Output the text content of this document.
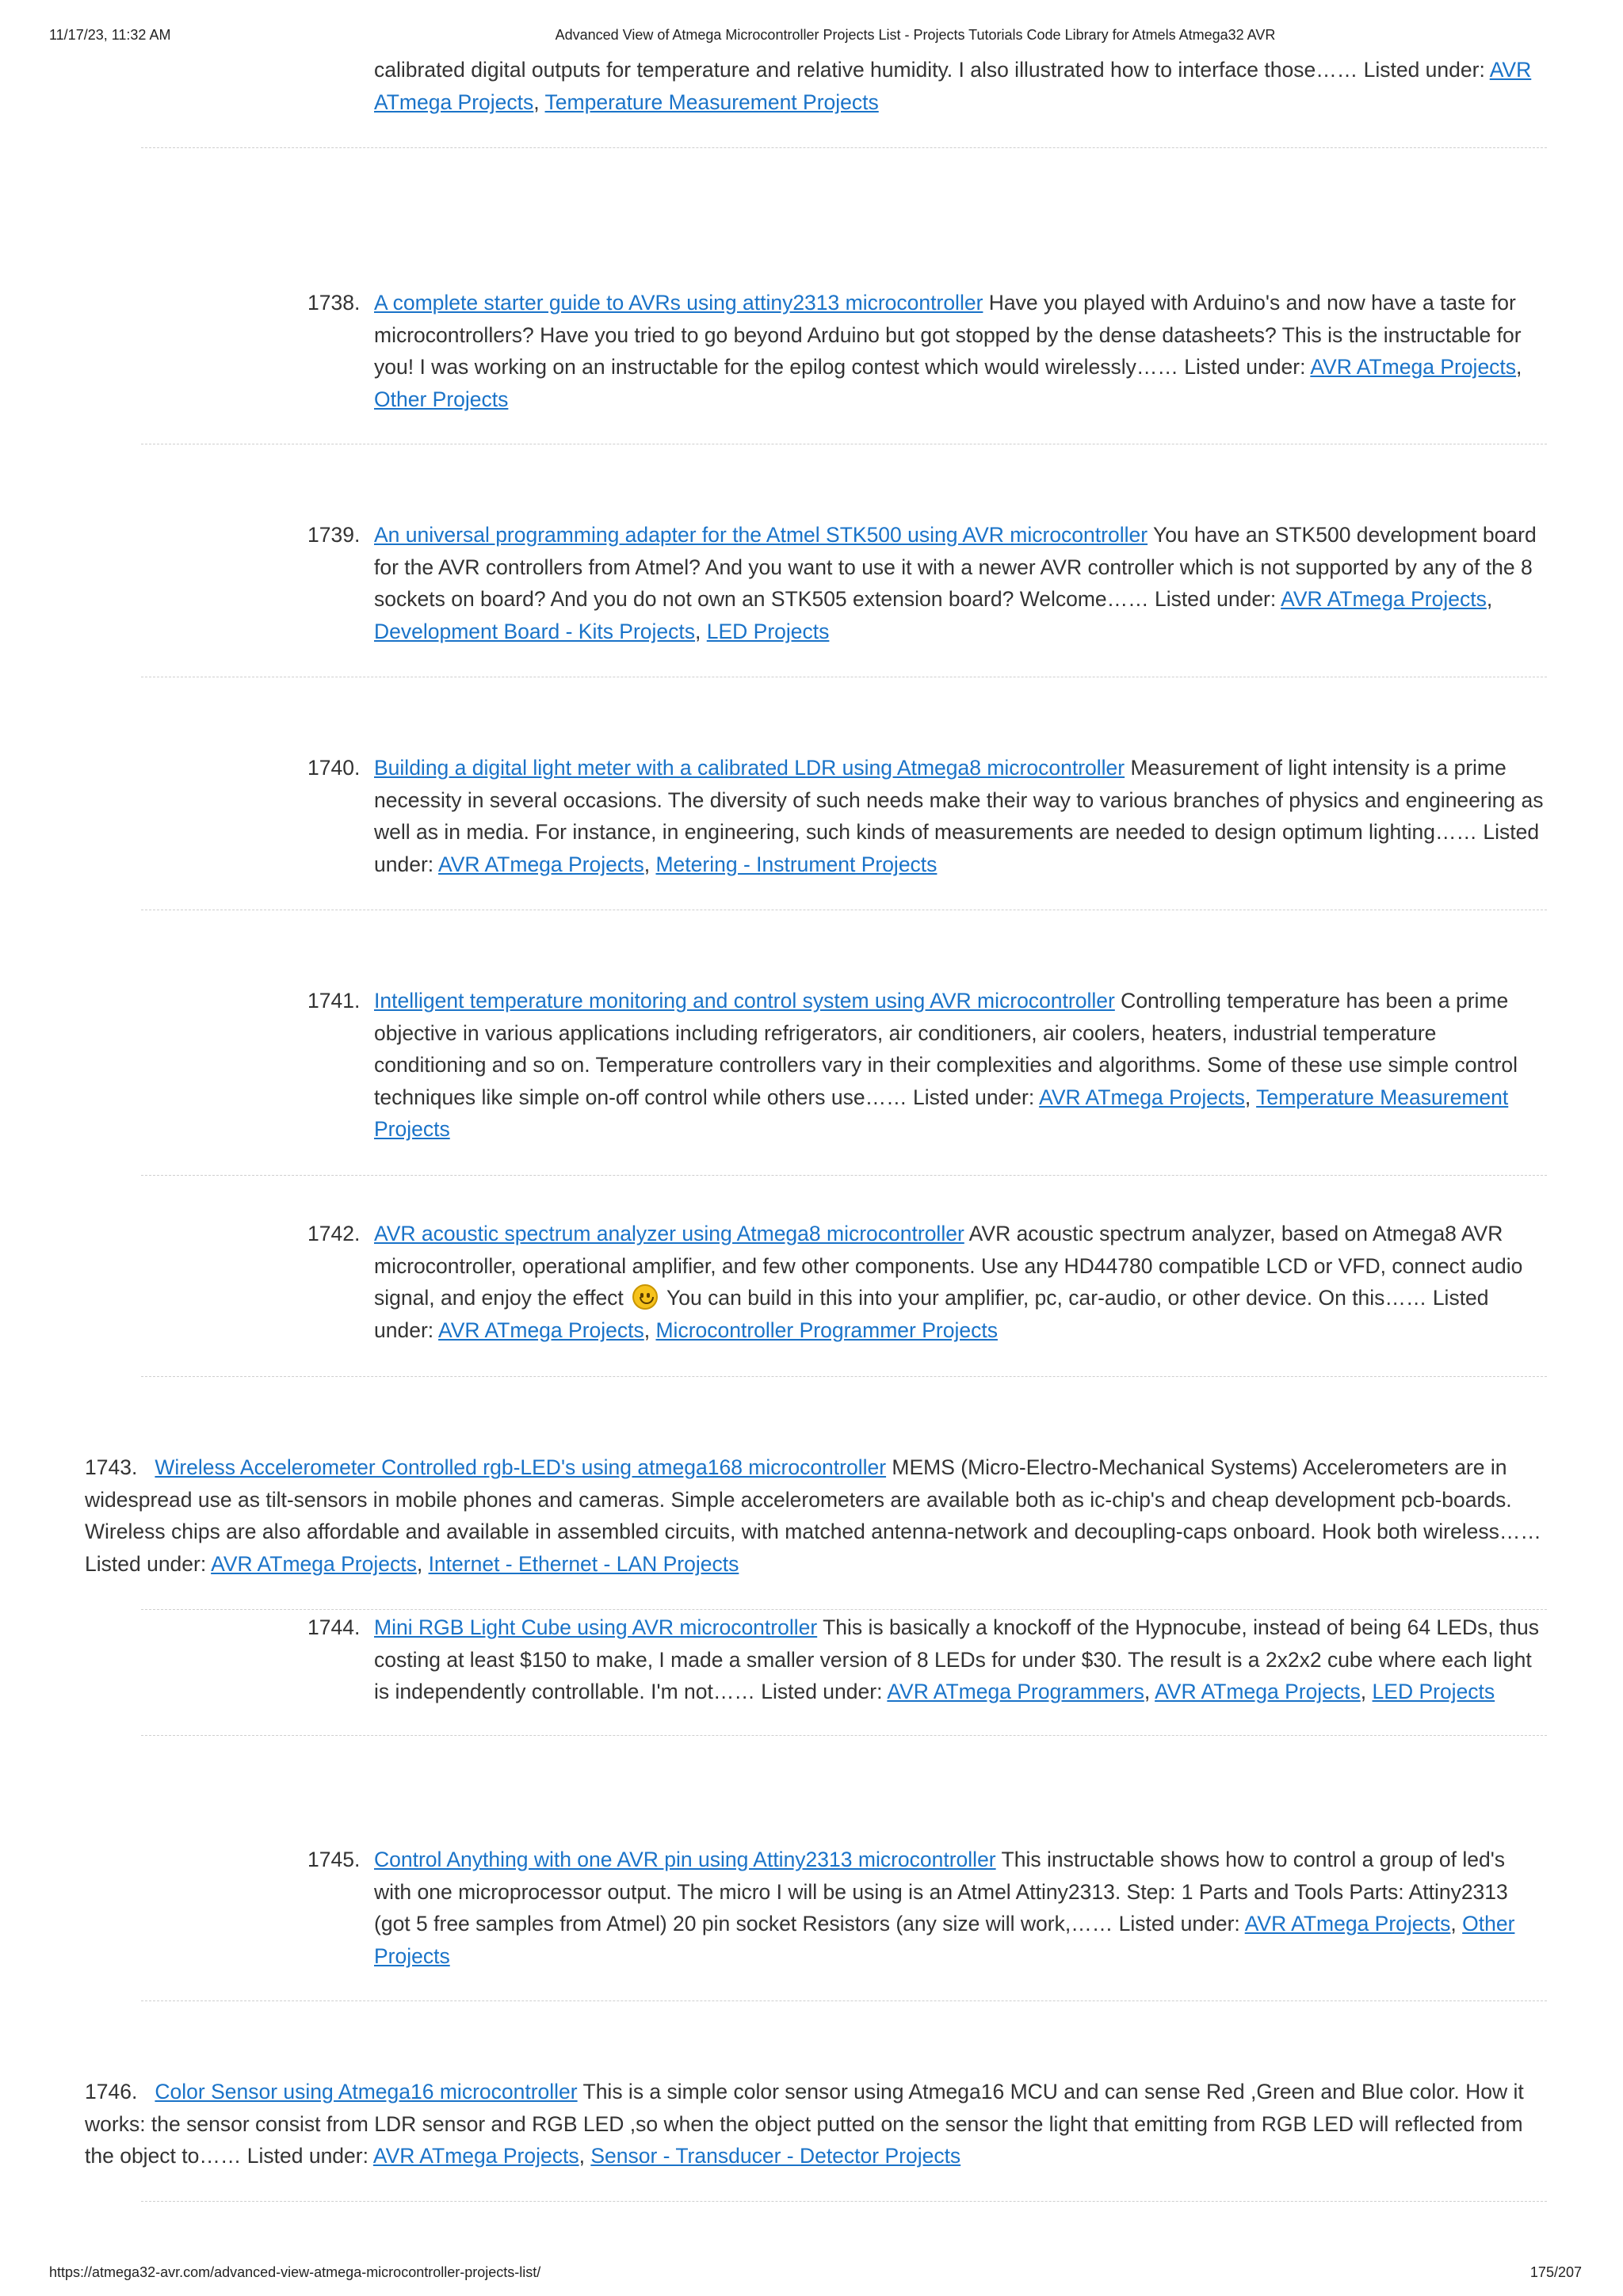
11/17/23, 11:32 AM	Advanced View of Atmega Microcontroller Projects List - Projects Tutorials Code Library for Atmels Atmega32 AVR
calibrated digital outputs for temperature and relative humidity. I also illustrated how to interface those…… Listed under: AVR ATmega Projects, Temperature Measurement Projects
1738. A complete starter guide to AVRs using attiny2313 microcontroller Have you played with Arduino's and now have a taste for microcontrollers? Have you tried to go beyond Arduino but got stopped by the dense datasheets? This is the instructable for you! I was working on an instructable for the epilog contest which would wirelessly…… Listed under: AVR ATmega Projects, Other Projects
1739. An universal programming adapter for the Atmel STK500 using AVR microcontroller You have an STK500 development board for the AVR controllers from Atmel? And you want to use it with a newer AVR controller which is not supported by any of the 8 sockets on board? And you do not own an STK505 extension board? Welcome…… Listed under: AVR ATmega Projects, Development Board - Kits Projects, LED Projects
1740. Building a digital light meter with a calibrated LDR using Atmega8 microcontroller Measurement of light intensity is a prime necessity in several occasions. The diversity of such needs make their way to various branches of physics and engineering as well as in media. For instance, in engineering, such kinds of measurements are needed to design optimum lighting…… Listed under: AVR ATmega Projects, Metering - Instrument Projects
1741. Intelligent temperature monitoring and control system using AVR microcontroller Controlling temperature has been a prime objective in various applications including refrigerators, air conditioners, air coolers, heaters, industrial temperature conditioning and so on. Temperature controllers vary in their complexities and algorithms. Some of these use simple control techniques like simple on-off control while others use…… Listed under: AVR ATmega Projects, Temperature Measurement Projects
1742. AVR acoustic spectrum analyzer using Atmega8 microcontroller AVR acoustic spectrum analyzer, based on Atmega8 AVR microcontroller, operational amplifier, and few other components. Use any HD44780 compatible LCD or VFD, connect audio signal, and enjoy the effect
You can build in this into your amplifier, pc, car-audio, or other device. On this…… Listed under: AVR ATmega Projects, Microcontroller Programmer Projects
1743. Wireless Accelerometer Controlled rgb-LED's using atmega168 microcontroller MEMS (Micro-Electro-Mechanical Systems) Accelerometers are in widespread use as tilt-sensors in mobile phones and cameras. Simple accelerometers are available both as ic-chip's and cheap development pcb-boards. Wireless chips are also affordable and available in assembled circuits, with matched antenna-network and decoupling-caps onboard. Hook both wireless…… Listed under: AVR ATmega Projects, Internet - Ethernet - LAN Projects
1744. Mini RGB Light Cube using AVR microcontroller This is basically a knockoff of the Hypnocube, instead of being 64 LEDs, thus costing at least $150 to make, I made a smaller version of 8 LEDs for under $30. The result is a 2x2x2 cube where each light is independently controllable. I'm not…… Listed under: AVR ATmega Programmers, AVR ATmega Projects, LED Projects
1745. Control Anything with one AVR pin using Attiny2313 microcontroller This instructable shows how to control a group of led's with one microprocessor output. The micro I will be using is an Atmel Attiny2313. Step: 1 Parts and Tools Parts: Attiny2313 (got 5 free samples from Atmel) 20 pin socket Resistors (any size will work,…… Listed under: AVR ATmega Projects, Other Projects
1746. Color Sensor using Atmega16 microcontroller This is a simple color sensor using Atmega16 MCU and can sense Red ,Green and Blue color. How it works: the sensor consist from LDR sensor and RGB LED ,so when the object putted on the sensor the light that emitting from RGB LED will reflected from the object to…… Listed under: AVR ATmega Projects, Sensor - Transducer - Detector Projects
https://atmega32-avr.com/advanced-view-atmega-microcontroller-projects-list/	175/207
